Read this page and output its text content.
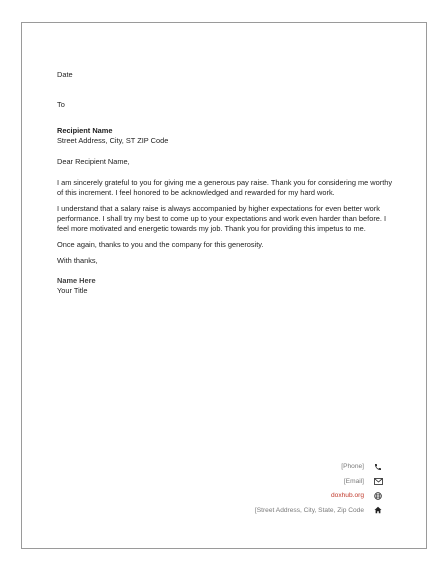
Date

To

Recipient Name

Street Address, City, ST ZIP Code

Dear Recipient Name,

I am sincerely grateful to you for giving me a generous pay raise. Thank you for considering me worthy of this increment. I feel honored to be acknowledged and rewarded for my hard work.

I understand that a salary raise is always accompanied by higher expectations for even better work performance. I shall try my best to come up to your expectations and work even harder than before. I feel more motivated and energetic towards my job. Thank you for providing this impetus to me.

Once again, thanks to you and the company for this generosity.

With thanks,

Name Here

Your Title

[Phone]
[Email]
doxhub.org
[Street Address, City, State, Zip Code
